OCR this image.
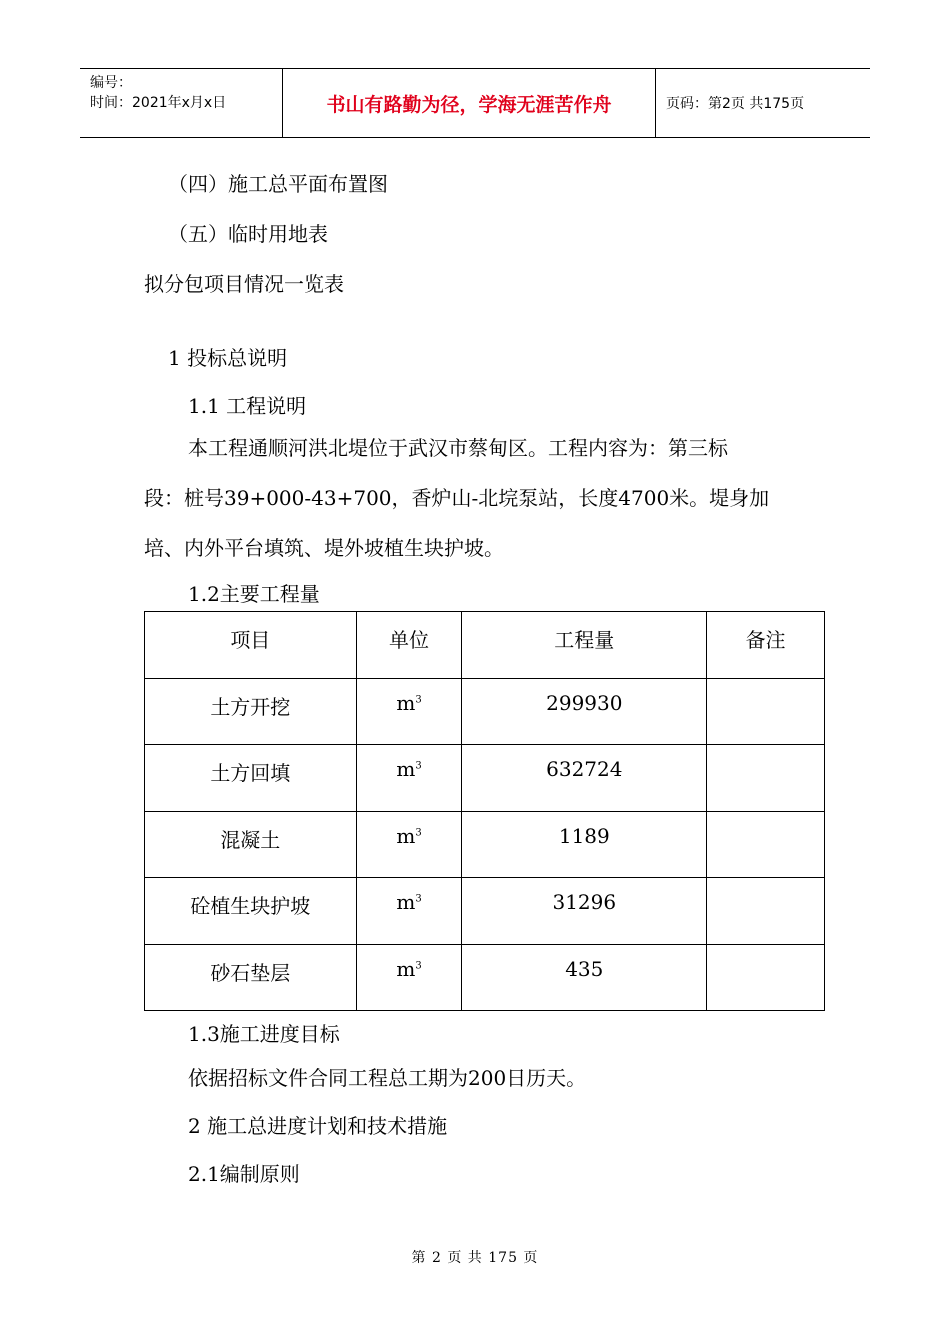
编号：
时间：2021年x月x日	书山有路勤为径，学海无涯苦作舟	页码：第2页 共175页
（四）施工总平面布置图
（五）临时用地表
拟分包项目情况一览表
1 投标总说明
1.1 工程说明
本工程通顺河洪北堤位于武汉市蔡甸区。工程内容为：第三标
段：桩号39+000-43+700，香炉山-北垸泵站，长度4700米。堤身加
培、内外平台填筑、堤外坡植生块护坡。
1.2主要工程量
项目	单位	工程量	备注
土方开挖	$m^3$	299930	
土方回填	$m^3$	632724	
混凝土	$m^3$	1189	
砼植生块护坡	$m^3$	31296	
砂石垫层	$m^3$	435	
1.3施工进度目标
依据招标文件合同工程总工期为200日历天。
2 施工总进度计划和技术措施
2.1编制原则
第 2 页 共 175 页
